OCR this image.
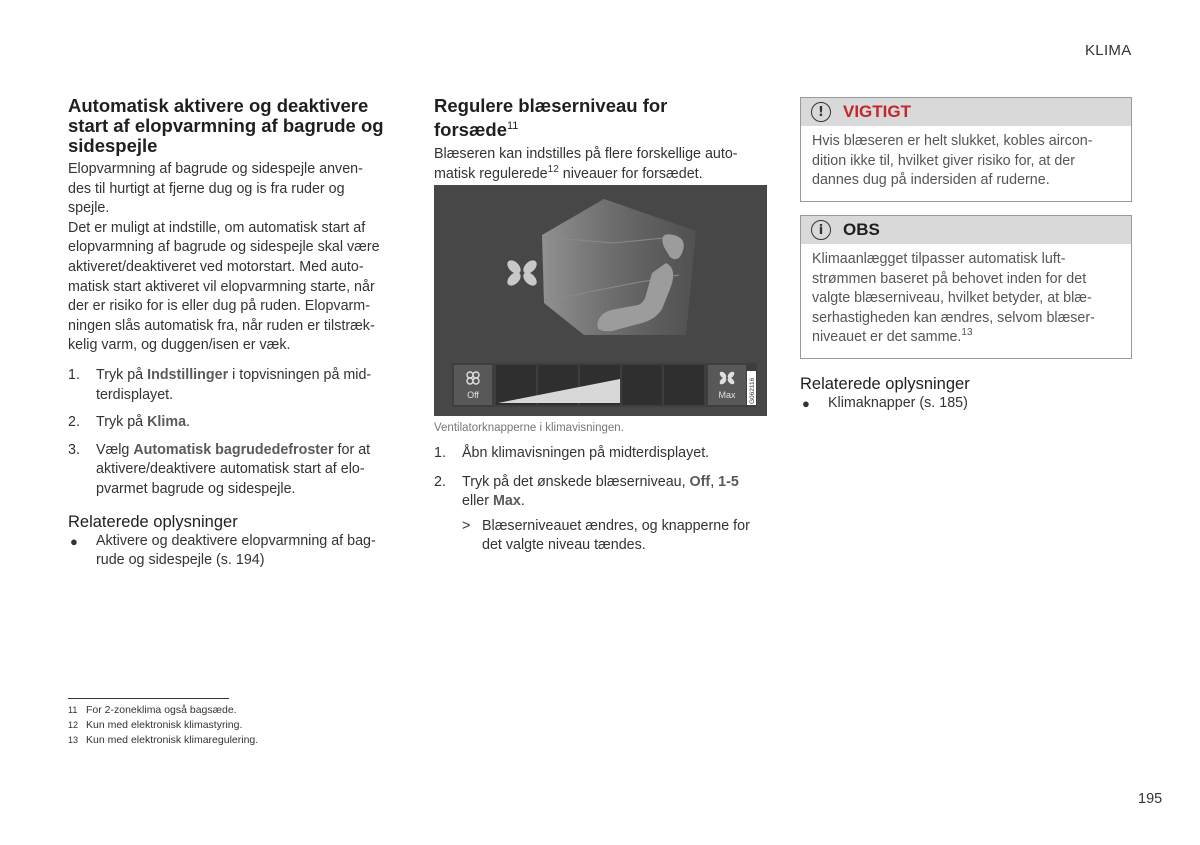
KLIMA
Automatisk aktivere og deaktivere start af elopvarmning af bagrude og sidespejle

Elopvarmning af bagrude og sidespejle anven-
des til hurtigt at fjerne dug og is fra ruder og
spejle.

Det er muligt at indstille, om automatisk start af
elopvarmning af bagrude og sidespejle skal være
aktiveret/deaktiveret ved motorstart. Med auto-
matisk start aktiveret vil elopvarmning starte, når
der er risiko for is eller dug på ruden. Elopvarm-
ningen slås automatisk fra, når ruden er tilstræk-
kelig varm, og duggen/isen er væk.

1. Tryk på Indstillinger i topvisningen på mid-
terdisplayet.
2. Tryk på Klima.
3. Vælg Automatisk bagrudedefroster for at
aktivere/deaktivere automatisk start af elo-
pvarmet bagrude og sidespejle.
Relaterede oplysninger
● Aktivere og deaktivere elopvarmning af bag-
rude og sidespejle (s. 194)
Regulere blæserniveau for
forsæde$^{11}$

Blæseren kan indstilles på flere forskellige auto-
matisk regulerede$^{12}$ niveauer for forsædet.

Off	Max G062116
Ventilatorknapperne i klimavisningen.
1. Åbn klimavisningen på midterdisplayet.
2. Tryk på det ønskede blæserniveau, Off, 1-5
eller Max.
> Blæserniveauet ændres, og knapperne for
det valgte niveau tændes.
!	VIGTIGT
Hvis blæseren er helt slukket, kobles aircon-
dition ikke til, hvilket giver risiko for, at der
dannes dug på indersiden af ruderne.
i	OBS
Klimaanlægget tilpasser automatisk luft-
strømmen baseret på behovet inden for det
valgte blæserniveau, hvilket betyder, at blæ-
serhastigheden kan ændres, selvom blæser-
niveauet er det samme.$^{13}$
Relaterede oplysninger
● Klimaknapper (s. 185)
11 For 2-zoneklima også bagsæde.
12 Kun med elektronisk klimastyring.
13 Kun med elektronisk klimaregulering.
195
